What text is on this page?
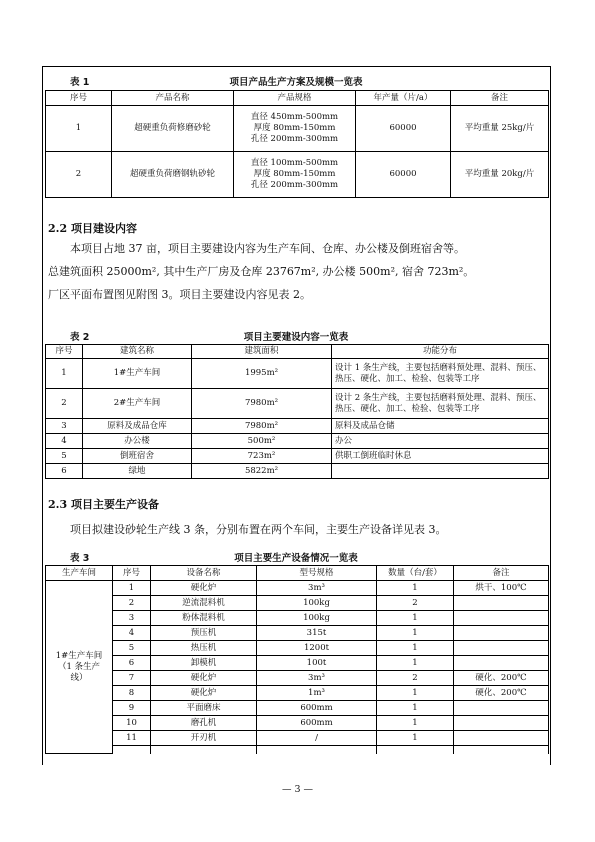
表 1	项目产品生产方案及规模一览表
序号	产品名称	产品规格	年产量（片/a）	备注
1	超硬重负荷修磨砂轮	直径 450mm-500mm
厚度 80mm-150mm
孔径 200mm-300mm	60000	平均重量 25kg/片
2	超硬重负荷磨钢轨砂轮	直径 100mm-500mm
厚度 80mm-150mm
孔径 200mm-300mm	60000	平均重量 20kg/片
2.2 项目建设内容

本项目占地 37 亩，项目主要建设内容为生产车间、仓库、办公楼及倒班宿舍等。

总建筑面积 25000m², 其中生产厂房及仓库 23767m², 办公楼 500m², 宿舍 723m²。

厂区平面布置图见附图 3。项目主要建设内容见表 2。

表 2	项目主要建设内容一览表
序号	建筑名称	建筑面积	功能分布
1	1#生产车间	1995m²	设计 1 条生产线，主要包括磨料预处理、混料、预压、
热压、硬化、加工、检验、包装等工序

2	2#生产车间	7980m²	设计 2 条生产线，主要包括磨料预处理、混料、预压、
热压、硬化、加工、检验、包装等工序

3	原料及成品仓库	7980m²	原料及成品仓储

4	办公楼	500m²	办公

5	倒班宿舍	723m²	供职工倒班临时休息

6	绿地	5822m²	
2.3 项目主要生产设备

项目拟建设砂轮生产线 3 条，分别布置在两个车间，主要生产设备详见表 3。

表 3	项目主要生产设备情况一览表
生产车间	序号	设备名称	型号规格	数量（台/套）	备注

1#生产车间
（1 条生产
线）	1	硬化炉	3m³	1	烘干、100℃
	2	逆流混料机	100kg	2	
	3	粉体混料机	100kg	1	
	4	预压机	315t	1	
	5	热压机	1200t	1	
	6	卸模机	100t	1	
	7	硬化炉	3m³	2	硬化、200℃
	8	硬化炉	1m³	1	硬化、200℃
	9	平面磨床	600mm	1	
	10	磨孔机	600mm	1	
	11	开刃机	/	1	

— 3 —
